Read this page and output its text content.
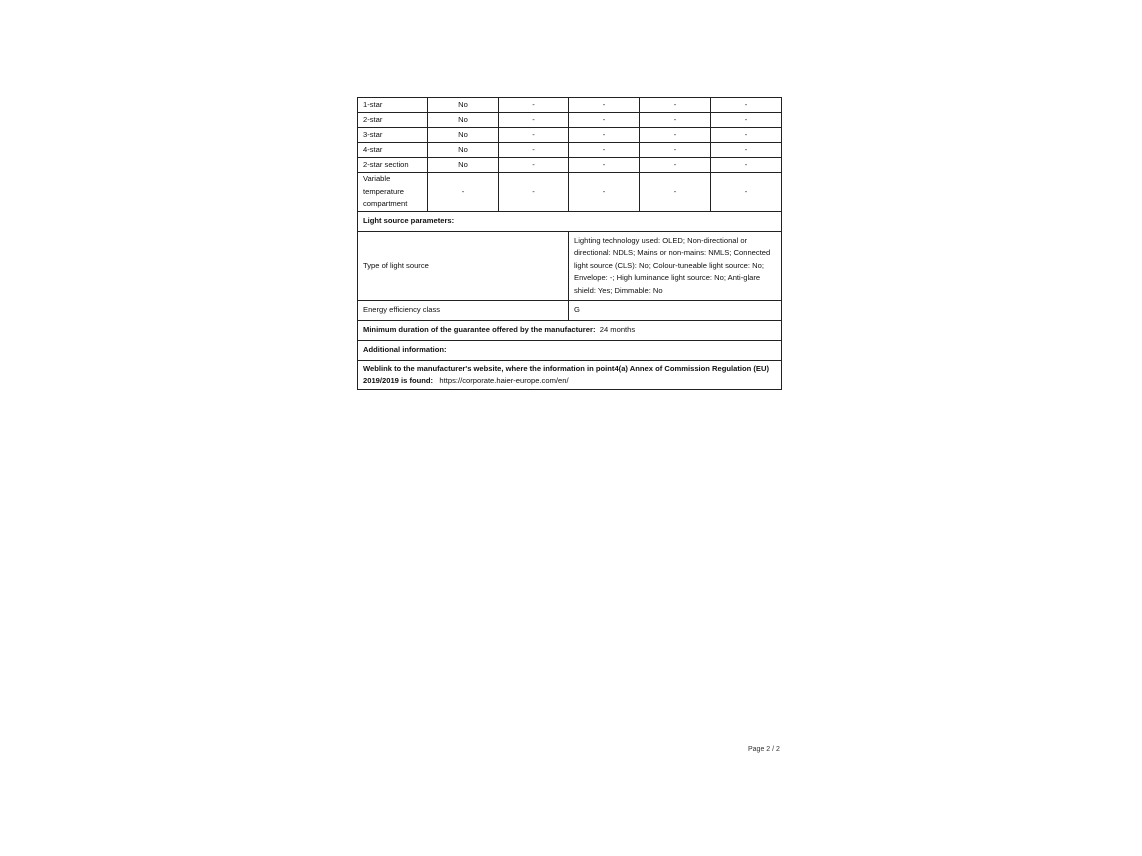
1-star	No	-	-	-	-
2-star	No	-	-	-	-
3-star	No	-	-	-	-
4-star	No	-	-	-	-
2-star section	No	-	-	-	-
Variable temperature compartment	-	-	-	-	-
Light source parameters:					
Type of light source			Lighting technology used: OLED; Non-directional or directional: NDLS; Mains or non-mains: NMLS; Connected light source (CLS): No; Colour-tuneable light source: No; Envelope: -; High luminance light source: No; Anti-glare shield: Yes; Dimmable: No		
Energy efficiency class			G		
Minimum duration of the guarantee offered by the manufacturer: 24 months					
Additional information:					
Weblink to the manufacturer's website, where the information in point4(a) Annex of Commission Regulation (EU) 2019/2019 is found: https://corporate.haier-europe.com/en/					
Page 2 / 2
